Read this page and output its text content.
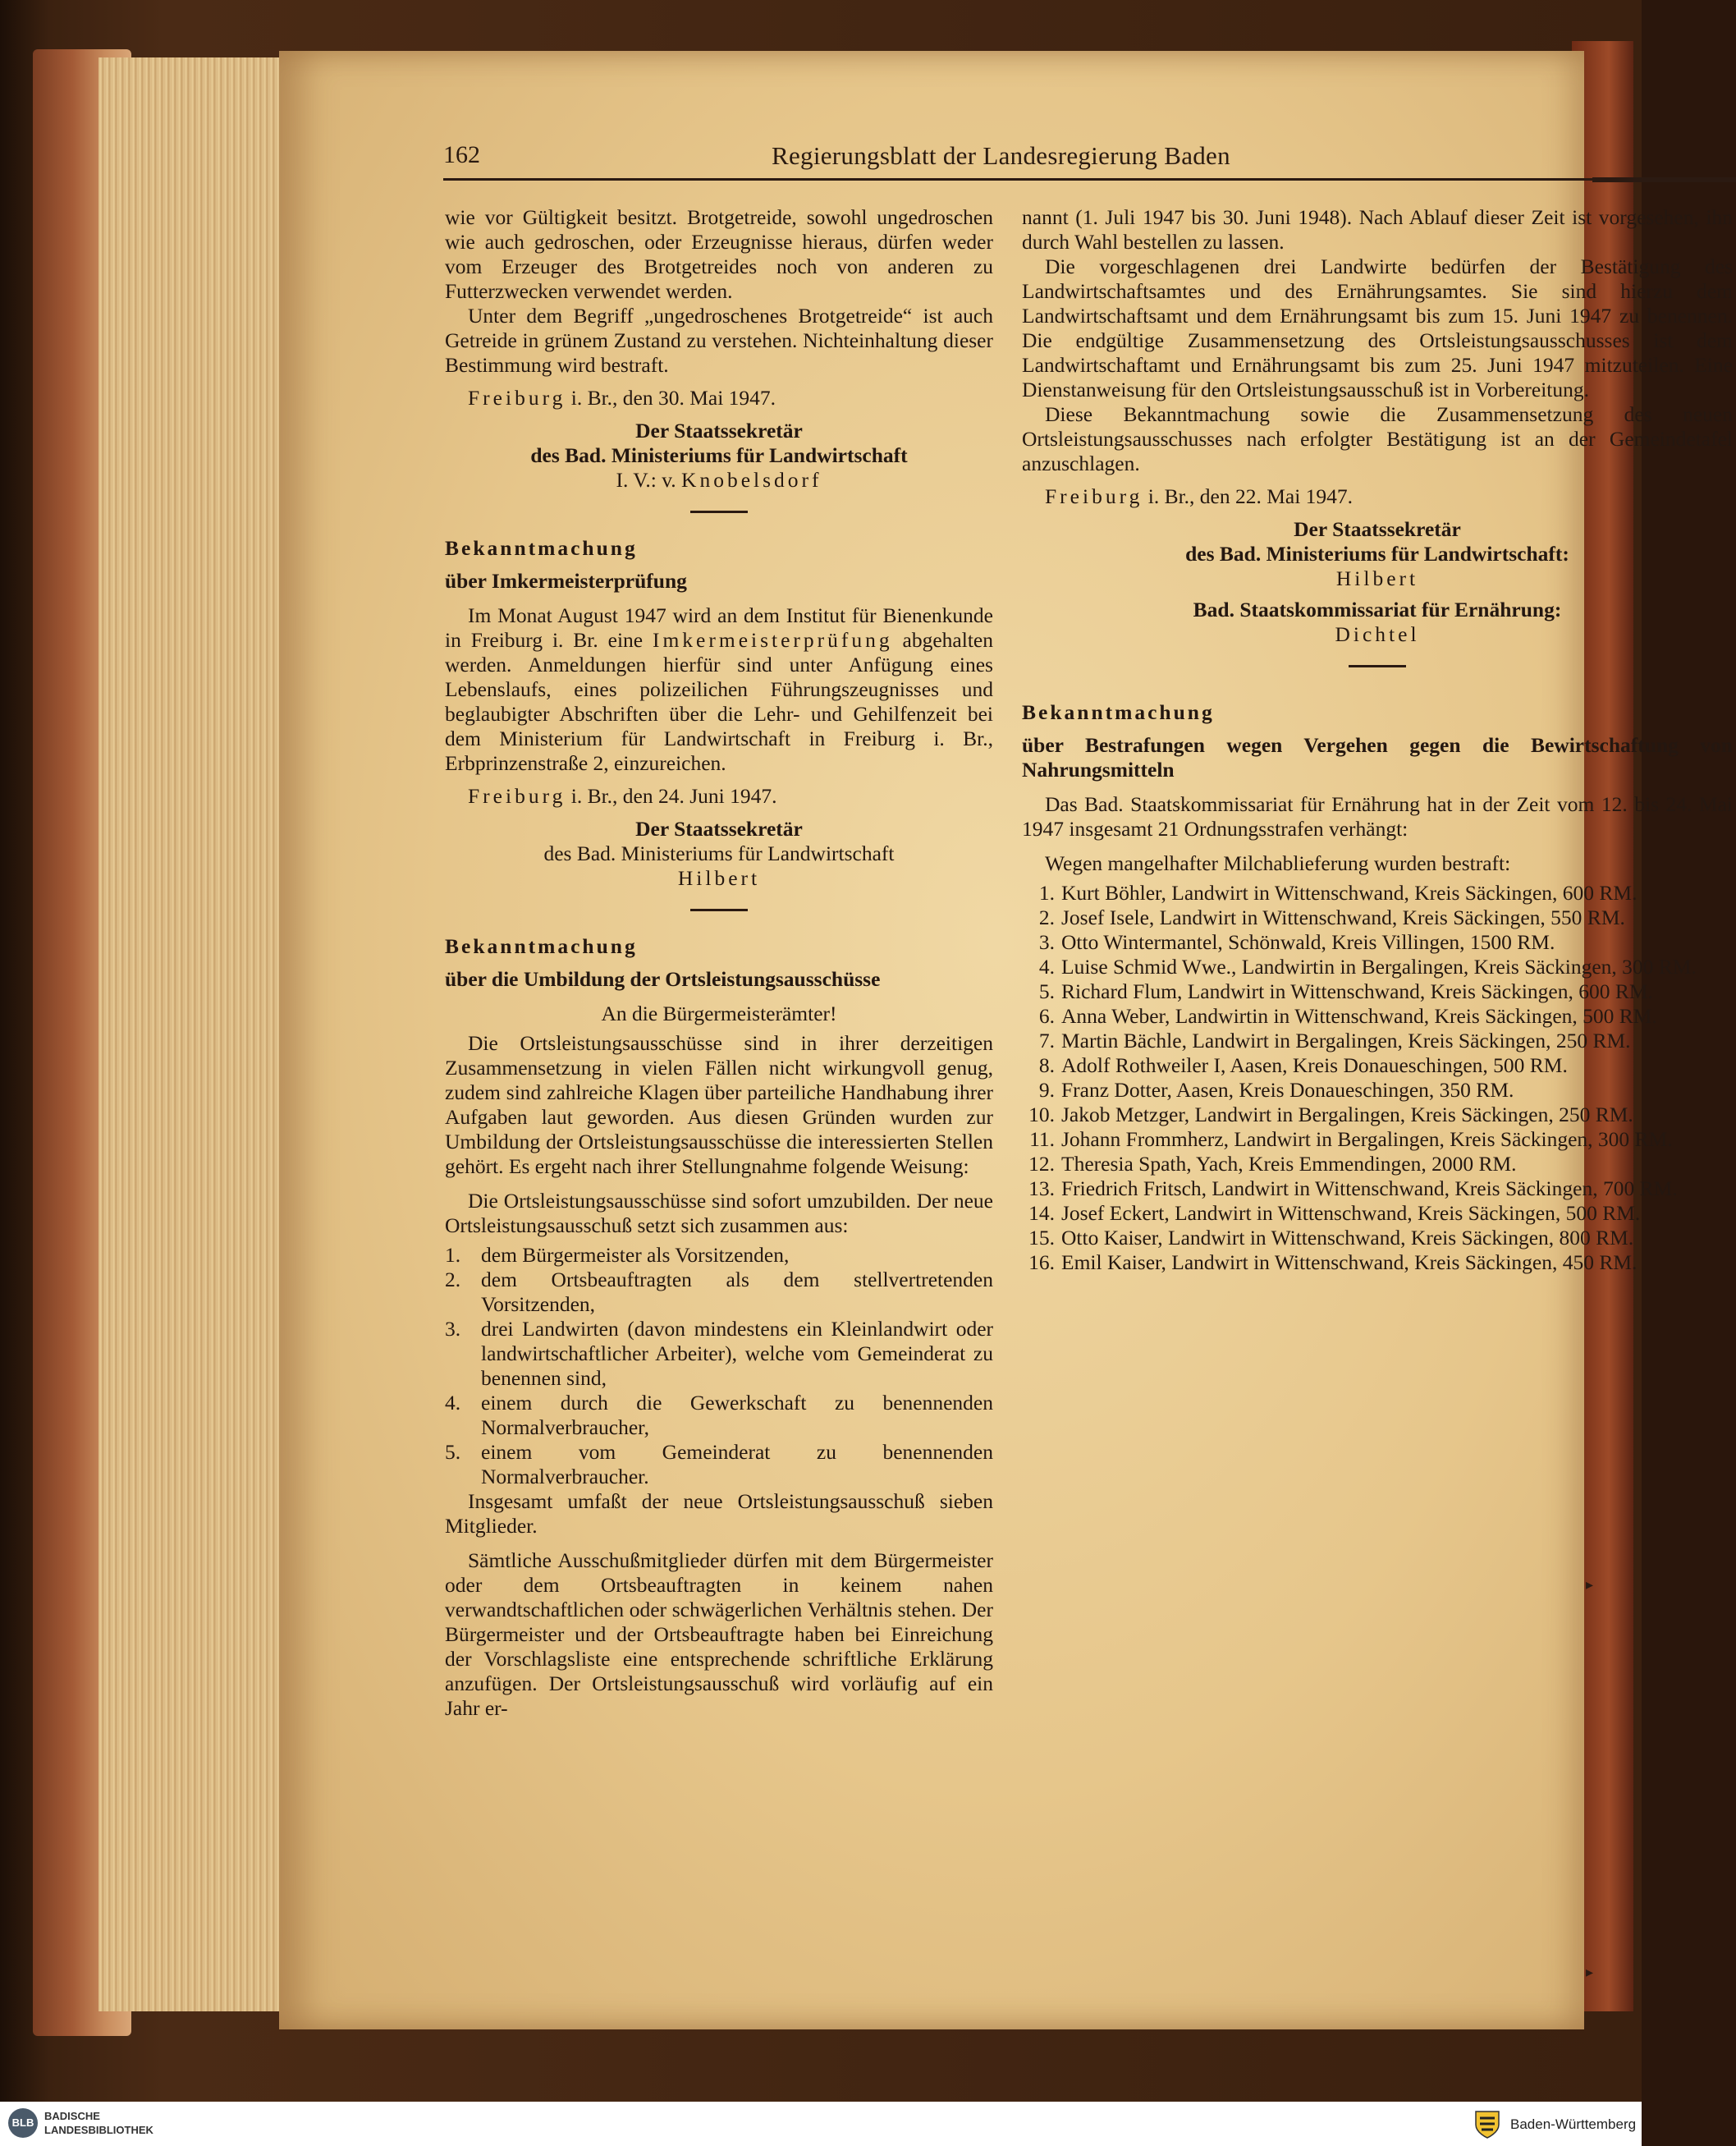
162	Regierungsblatt der Landesregierung Baden

wie vor Gültigkeit besitzt. Brotgetreide, sowohl ungedroschen wie auch gedroschen, oder Erzeugnisse hieraus, dürfen weder vom Erzeuger des Brotgetreides noch von anderen zu Futterzwecken verwendet werden.

Unter dem Begriff „ungedroschenes Brotgetreide“ ist auch Getreide in grünem Zustand zu verstehen. Nichteinhaltung dieser Bestimmung wird bestraft.

Freiburg i. Br., den 30. Mai 1947.

Der Staatssekretär

des Bad. Ministeriums für Landwirtschaft

I. V.: v. Knobelsdorf

Bekanntmachung

über Imkermeisterprüfung

Im Monat August 1947 wird an dem Institut für Bienenkunde in Freiburg i. Br. eine Imkermeisterprüfung abgehalten werden. Anmeldungen hierfür sind unter Anfügung eines Lebenslaufs, eines polizeilichen Führungszeugnisses und beglaubigter Abschriften über die Lehr- und Gehilfenzeit bei dem Ministerium für Landwirtschaft in Freiburg i. Br., Erbprinzenstraße 2, einzureichen.

Freiburg i. Br., den 24. Juni 1947.

Der Staatssekretär

des Bad. Ministeriums für Landwirtschaft

Hilbert

Bekanntmachung

über die Umbildung der Ortsleistungsausschüsse

An die Bürgermeisterämter!

Die Ortsleistungsausschüsse sind in ihrer derzeitigen Zusammensetzung in vielen Fällen nicht wirkungvoll genug, zudem sind zahlreiche Klagen über parteiliche Handhabung ihrer Aufgaben laut geworden. Aus diesen Gründen wurden zur Umbildung der Ortsleistungsausschüsse die interessierten Stellen gehört. Es ergeht nach ihrer Stellungnahme folgende Weisung:

Die Ortsleistungsausschüsse sind sofort umzubilden. Der neue Ortsleistungsausschuß setzt sich zusammen aus:

1. dem Bürgermeister als Vorsitzenden,
2. dem Ortsbeauftragten als dem stellvertretenden Vorsitzenden,
3. drei Landwirten (davon mindestens ein Kleinlandwirt oder landwirtschaftlicher Arbeiter), welche vom Gemeinderat zu benennen sind,
4. einem durch die Gewerkschaft zu benennenden Normalverbraucher,
5. einem vom Gemeinderat zu benennenden Normalverbraucher.

Insgesamt umfaßt der neue Ortsleistungsausschuß sieben Mitglieder.

Sämtliche Ausschußmitglieder dürfen mit dem Bürgermeister oder dem Ortsbeauftragten in keinem nahen verwandtschaftlichen oder schwägerlichen Verhältnis stehen. Der Bürgermeister und der Ortsbeauftragte haben bei Einreichung der Vorschlagsliste eine entsprechende schriftliche Erklärung anzufügen. Der Ortsleistungsausschuß wird vorläufig auf ein Jahr er-

nannt (1. Juli 1947 bis 30. Juni 1948). Nach Ablauf dieser Zeit ist vorgesehen, ihn durch Wahl bestellen zu lassen.

Die vorgeschlagenen drei Landwirte bedürfen der Bestätigung des Landwirtschaftsamtes und des Ernährungsamtes. Sie sind hierzu dem Landwirtschaftsamt und dem Ernährungsamt bis zum 15. Juni 1947 zu benennen. Die endgültige Zusammensetzung des Ortsleistungsausschusses ist dem Landwirtschaftamt und Ernährungsamt bis zum 25. Juni 1947 mitzuteilen. Eine Dienstanweisung für den Ortsleistungsausschuß ist in Vorbereitung.

Diese Bekanntmachung sowie die Zusammensetzung des neuen Ortsleistungsausschusses nach erfolgter Bestätigung ist an der Gemeindetafel anzuschlagen.

Freiburg i. Br., den 22. Mai 1947.

Der Staatssekretär

des Bad. Ministeriums für Landwirtschaft:

Hilbert

Bad. Staatskommissariat für Ernährung:

Dichtel

Bekanntmachung

über Bestrafungen wegen Vergehen gegen die Bewirtschaftung von Nahrungsmitteln

Das Bad. Staatskommissariat für Ernährung hat in der Zeit vom 12. bis 24. Mai 1947 insgesamt 21 Ordnungsstrafen verhängt:

Wegen mangelhafter Milchablieferung wurden bestraft:

1. Kurt Böhler, Landwirt in Wittenschwand, Kreis Säckingen, 600 RM.
2. Josef Isele, Landwirt in Wittenschwand, Kreis Säckingen, 550 RM.
3. Otto Wintermantel, Schönwald, Kreis Villingen, 1500 RM.
4. Luise Schmid Wwe., Landwirtin in Bergalingen, Kreis Säckingen, 300 RM.
5. Richard Flum, Landwirt in Wittenschwand, Kreis Säckingen, 600 RM.
6. Anna Weber, Landwirtin in Wittenschwand, Kreis Säckingen, 500 RM.
7. Martin Bächle, Landwirt in Bergalingen, Kreis Säckingen, 250 RM.
8. Adolf Rothweiler I, Aasen, Kreis Donaueschingen, 500 RM.
9. Franz Dotter, Aasen, Kreis Donaueschingen, 350 RM.
10. Jakob Metzger, Landwirt in Bergalingen, Kreis Säckingen, 250 RM.
11. Johann Frommherz, Landwirt in Bergalingen, Kreis Säckingen, 300 RM.
12. Theresia Spath, Yach, Kreis Emmendingen, 2000 RM.
13. Friedrich Fritsch, Landwirt in Wittenschwand, Kreis Säckingen, 700 RM.
14. Josef Eckert, Landwirt in Wittenschwand, Kreis Säckingen, 500 RM.
15. Otto Kaiser, Landwirt in Wittenschwand, Kreis Säckingen, 800 RM.
16. Emil Kaiser, Landwirt in Wittenschwand, Kreis Säckingen, 450 RM.
▸
▸
BLB
BADISCHE
LANDESBIBLIOTHEK	Baden-Württemberg
